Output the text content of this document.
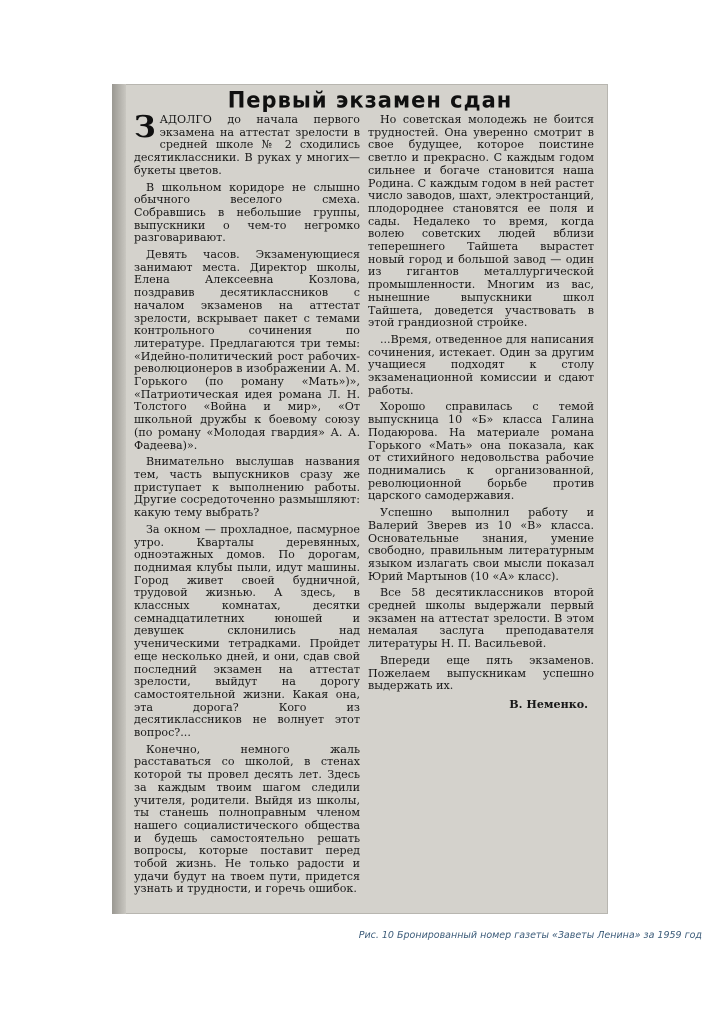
Первый экзамен сдан

ЗАДОЛГО до начала первого экзамена на аттестат зрелости в средней школе № 2 сходились десятиклассники. В руках у многих—букеты цветов.

В школьном коридоре не слышно обычного веселого смеха. Собравшись в небольшие группы, выпускники о чем-то негромко разговаривают.

Девять часов. Экзаменующиеся занимают места. Директор школы, Елена Алексеевна Козлова, поздравив десятиклассников с началом экзаменов на аттестат зрелости, вскрывает пакет с темами контрольного сочинения по литературе. Предлагаются три темы: «Идейно-политический рост рабочих-революционеров в изображении А. М. Горького (по роману «Мать»)», «Патриотическая идея романа Л. Н. Толстого «Война и мир», «От школьной дружбы к боевому союзу (по роману «Молодая гвардия» А. А. Фадеева)».

Внимательно выслушав названия тем, часть выпускников сразу же приступает к выполнению работы. Другие сосредоточенно размышляют: какую тему выбрать?

За окном — прохладное, пасмурное утро. Кварталы деревянных, одноэтажных домов. По дорогам, поднимая клубы пыли, идут машины. Город живет своей будничной, трудовой жизнью. А здесь, в классных комнатах, десятки семнадцатилетних юношей и девушек склонились над ученическими тетрадками. Пройдет еще несколько дней, и они, сдав свой последний экзамен на аттестат зрелости, выйдут на дорогу самостоятельной жизни. Какая она, эта дорога? Кого из десятиклассников не волнует этот вопрос?...

Конечно, немного жаль расставаться со школой, в стенах которой ты провел десять лет. Здесь за каждым твоим шагом следили учителя, родители. Выйдя из школы, ты станешь полноправным членом нашего социалистического общества и будешь самостоятельно решать вопросы, которые поставит перед тобой жизнь. Не только радости и удачи будут на твоем пути, придется узнать и трудности, и горечь ошибок.

Но советская молодежь не боится трудностей. Она уверенно смотрит в свое будущее, которое поистине светло и прекрасно. С каждым годом сильнее и богаче становится наша Родина. С каждым годом в ней растет число заводов, шахт, электростанций, плодороднее становятся ее поля и сады. Недалеко то время, когда волею советских людей вблизи теперешнего Тайшета вырастет новый город и большой завод — один из гигантов металлургической промышленности. Многим из вас, нынешние выпускники школ Тайшета, доведется участвовать в этой грандиозной стройке.

...Время, отведенное для написания сочинения, истекает. Один за другим учащиеся подходят к столу экзаменационной комиссии и сдают работы.

Хорошо справилась с темой выпускница 10 «Б» класса Галина Подаюрова. На материале романа Горького «Мать» она показала, как от стихийного недовольства рабочие поднимались к организованной, революционной борьбе против царского самодержавия.

Успешно выполнил работу и Валерий Зверев из 10 «В» класса. Основательные знания, умение свободно, правильным литературным языком излагать свои мысли показал Юрий Мартынов (10 «А» класс).

Все 58 десятиклассников второй средней школы выдержали первый экзамен на аттестат зрелости. В этом немалая заслуга преподавателя литературы Н. П. Васильевой.

Впереди еще пять экзаменов. Пожелаем выпускникам успешно выдержать их.

В. Неменко.
Рис. 10 Бронированный номер газеты «Заветы Ленина» за 1959 год
